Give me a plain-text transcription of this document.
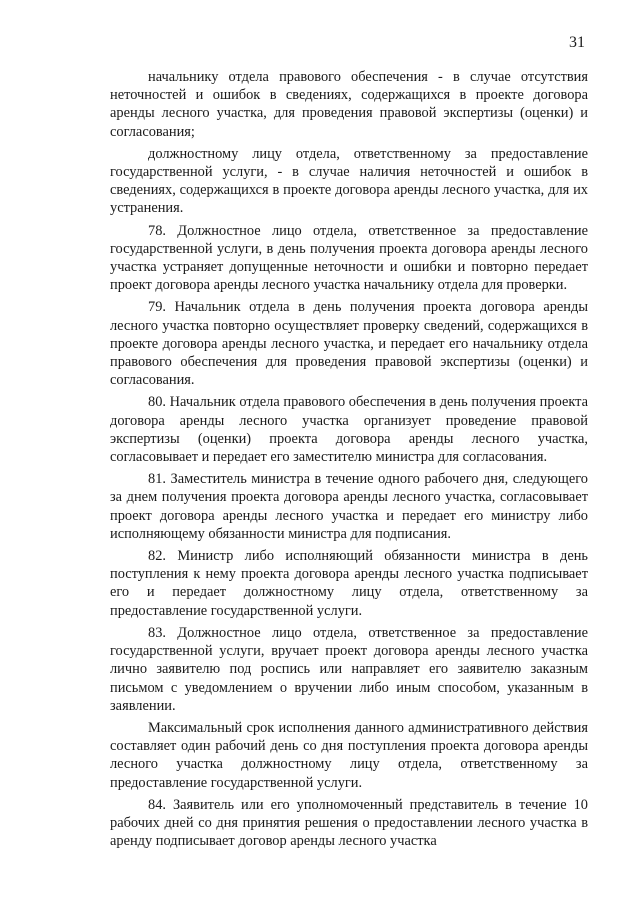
31

начальнику отдела правового обеспечения - в случае отсутствия неточностей и ошибок в сведениях, содержащихся в проекте договора аренды лесного участка, для проведения правовой экспертизы (оценки) и согласования;

должностному лицу отдела, ответственному за предоставление государственной услуги, - в случае наличия неточностей и ошибок в сведениях, содержащихся в проекте договора аренды лесного участка, для их устранения.

78. Должностное лицо отдела, ответственное за предоставление государственной услуги, в день получения проекта договора аренды лесного участка устраняет допущенные неточности и ошибки и повторно передает проект договора аренды лесного участка начальнику отдела для проверки.

79. Начальник отдела в день получения проекта договора аренды лесного участка повторно осуществляет проверку сведений, содержащихся в проекте договора аренды лесного участка, и передает его начальнику отдела правового обеспечения для проведения правовой экспертизы (оценки) и согласования.

80. Начальник отдела правового обеспечения в день получения проекта договора аренды лесного участка организует проведение правовой экспертизы (оценки) проекта договора аренды лесного участка, согласовывает и передает его заместителю министра для согласования.

81. Заместитель министра в течение одного рабочего дня, следующего за днем получения проекта договора аренды лесного участка, согласовывает проект договора аренды лесного участка и передает его министру либо исполняющему обязанности министра для подписания.

82. Министр либо исполняющий обязанности министра в день поступления к нему проекта договора аренды лесного участка подписывает его и передает должностному лицу отдела, ответственному за предоставление государственной услуги.

83. Должностное лицо отдела, ответственное за предоставление государственной услуги, вручает проект договора аренды лесного участка лично заявителю под роспись или направляет его заявителю заказным письмом с уведомлением о вручении либо иным способом, указанным в заявлении.

Максимальный срок исполнения данного административного действия составляет один рабочий день со дня поступления проекта договора аренды лесного участка должностному лицу отдела, ответственному за предоставление государственной услуги.

84. Заявитель или его уполномоченный представитель в течение 10 рабочих дней со дня принятия решения о предоставлении лесного участка в аренду подписывает договор аренды лесного участка
